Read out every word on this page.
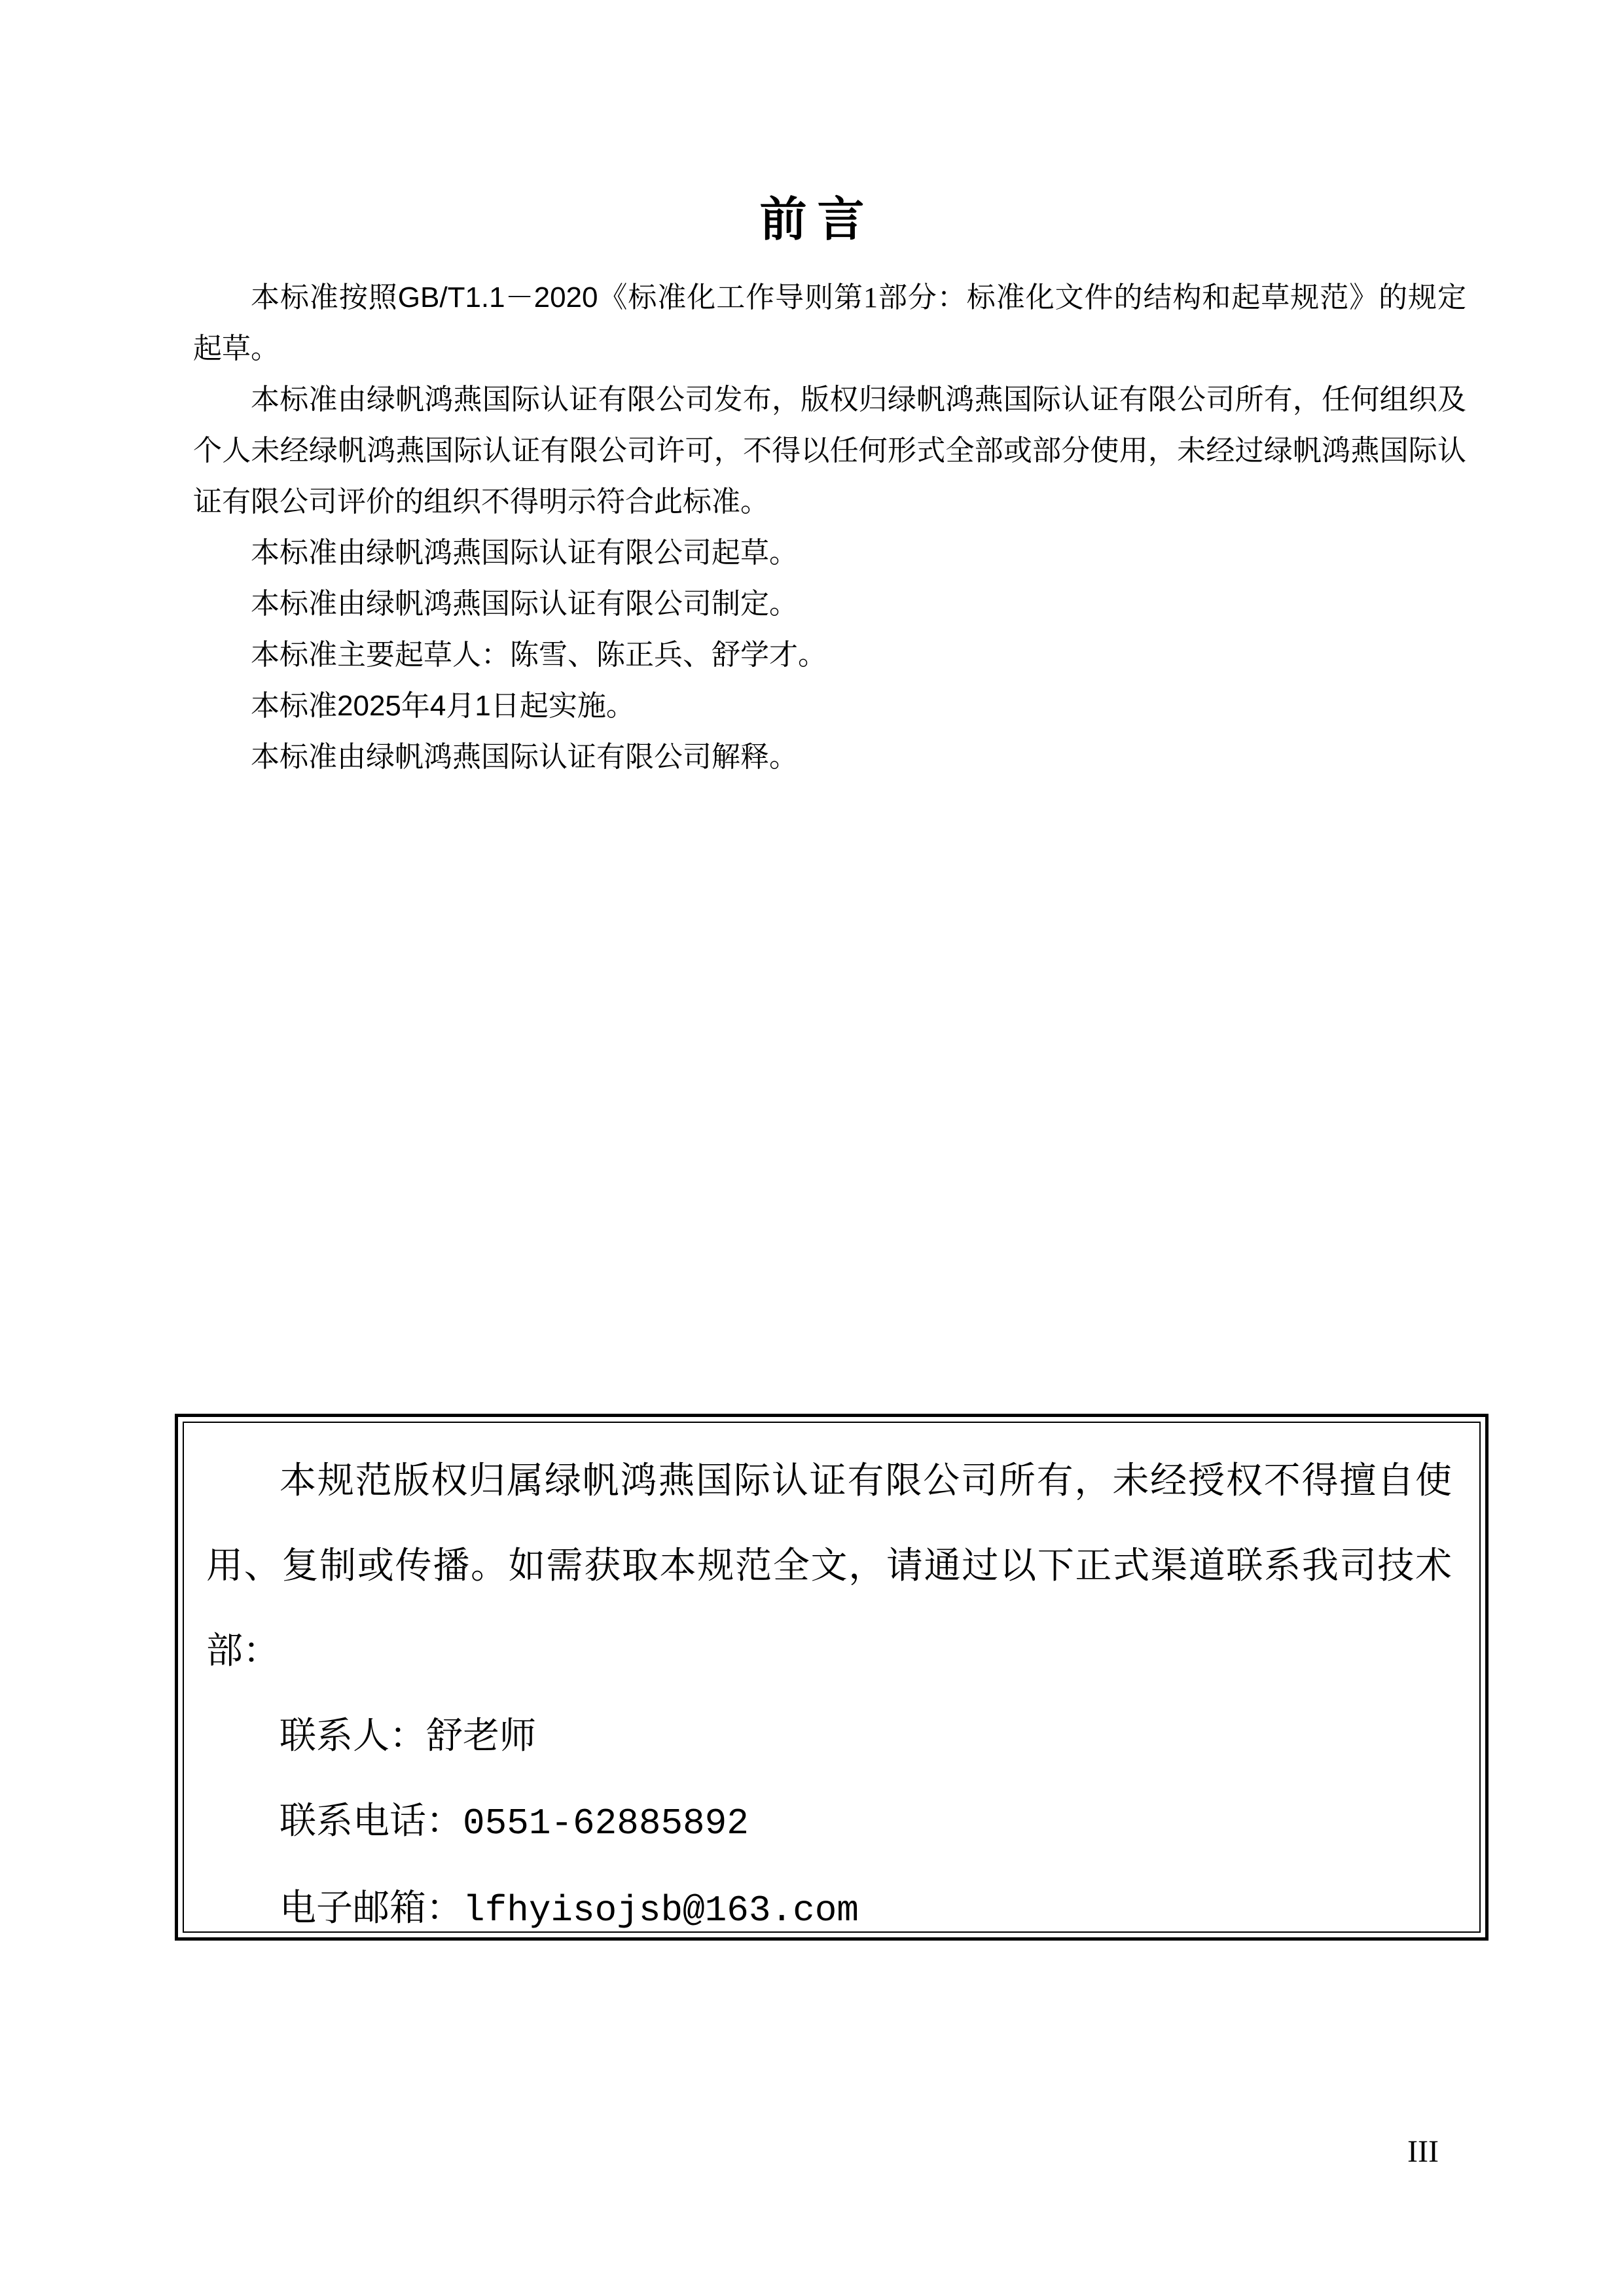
前言

本标准按照GB/T1.1－2020《标准化工作导则第1部分：标准化文件的结构和起草规范》的规定起草。

本标准由绿帆鸿燕国际认证有限公司发布，版权归绿帆鸿燕国际认证有限公司所有，任何组织及个人未经绿帆鸿燕国际认证有限公司许可，不得以任何形式全部或部分使用，未经过绿帆鸿燕国际认证有限公司评价的组织不得明示符合此标准。

本标准由绿帆鸿燕国际认证有限公司起草。

本标准由绿帆鸿燕国际认证有限公司制定。

本标准主要起草人：陈雪、陈正兵、舒学才。

本标准2025年4月1日起实施。

本标准由绿帆鸿燕国际认证有限公司解释。

本规范版权归属绿帆鸿燕国际认证有限公司所有，未经授权不得擅自使用、复制或传播。如需获取本规范全文，请通过以下正式渠道联系我司技术部：

联系人：舒老师

联系电话：0551-62885892

电子邮箱：lfhyisojsb@163.com

III
